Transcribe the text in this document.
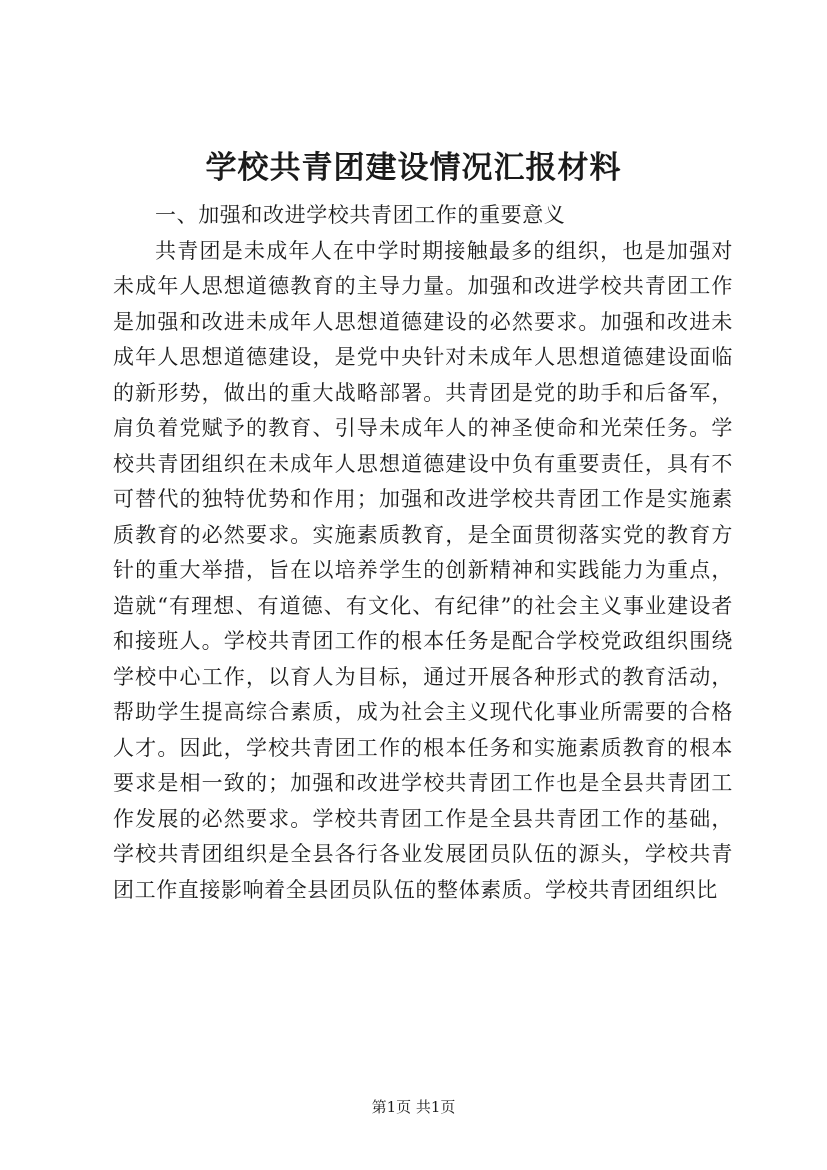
学校共青团建设情况汇报材料

一、加强和改进学校共青团工作的重要意义

共青团是未成年人在中学时期接触最多的组织，也是加强对未成年人思想道德教育的主导力量。加强和改进学校共青团工作是加强和改进未成年人思想道德建设的必然要求。加强和改进未成年人思想道德建设，是党中央针对未成年人思想道德建设面临的新形势，做出的重大战略部署。共青团是党的助手和后备军，肩负着党赋予的教育、引导未成年人的神圣使命和光荣任务。学校共青团组织在未成年人思想道德建设中负有重要责任，具有不可替代的独特优势和作用；加强和改进学校共青团工作是实施素质教育的必然要求。实施素质教育，是全面贯彻落实党的教育方针的重大举措，旨在以培养学生的创新精神和实践能力为重点，造就“有理想、有道德、有文化、有纪律”的社会主义事业建设者和接班人。学校共青团工作的根本任务是配合学校党政组织围绕学校中心工作，以育人为目标，通过开展各种形式的教育活动，帮助学生提高综合素质，成为社会主义现代化事业所需要的合格人才。因此，学校共青团工作的根本任务和实施素质教育的根本要求是相一致的；加强和改进学校共青团工作也是全县共青团工作发展的必然要求。学校共青团工作是全县共青团工作的基础，学校共青团组织是全县各行各业发展团员队伍的源头，学校共青团工作直接影响着全县团员队伍的整体素质。学校共青团组织比

第1页 共1页
